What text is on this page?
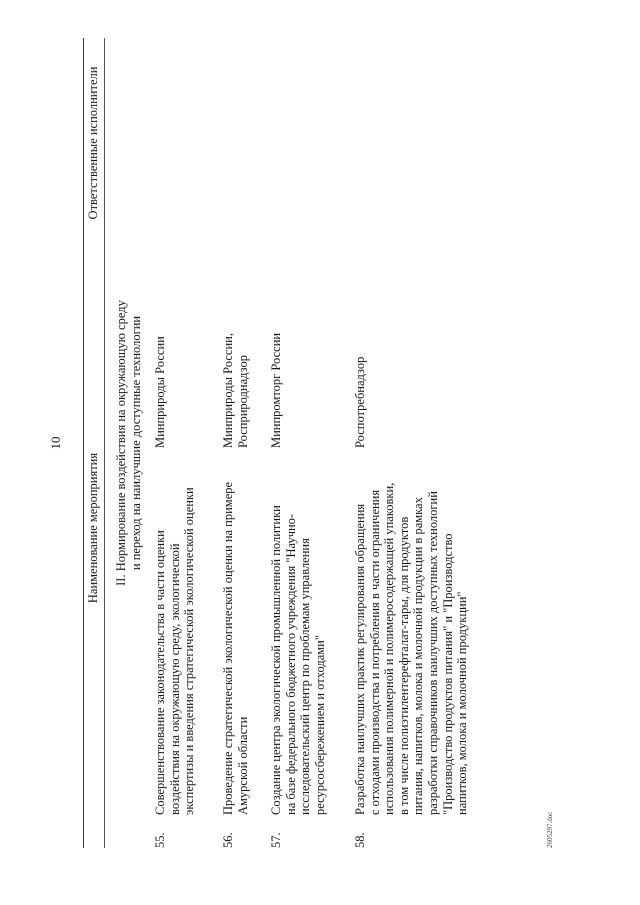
10
Наименование мероприятия
Ответственные исполнители
II. Нормирование воздействия на окружающую среду и переход на наилучшие доступные технологии
55.
Совершенствование законодательства в части оценки воздействия на окружающую среду, экологической экспертизы и введения стратегической экологической оценки
Минприроды России
56.
Проведение стратегической экологической оценки на примере Амурской области
Минприроды России, Росприроднадзор
57.
Создание центра экологической промышленной политики на базе федерального бюджетного учреждения "Научно- исследовательский центр по проблемам управления ресурсосбережением и отходами"
Минпромторг России
58.
Разработка наилучших практик регулирования обращения с отходами производства и потребления в части ограничения использования полимерной и полимеросодержащей упаковки, в том числе полиэтилентерефталат-тары, для продуктов питания, напитков, молока и молочной продукции в рамках разработки справочников наилучших доступных технологий "Производство продуктов питания" и "Производство напитков, молока и молочной продукции"
Роспотребнадзор
2605297.doc
